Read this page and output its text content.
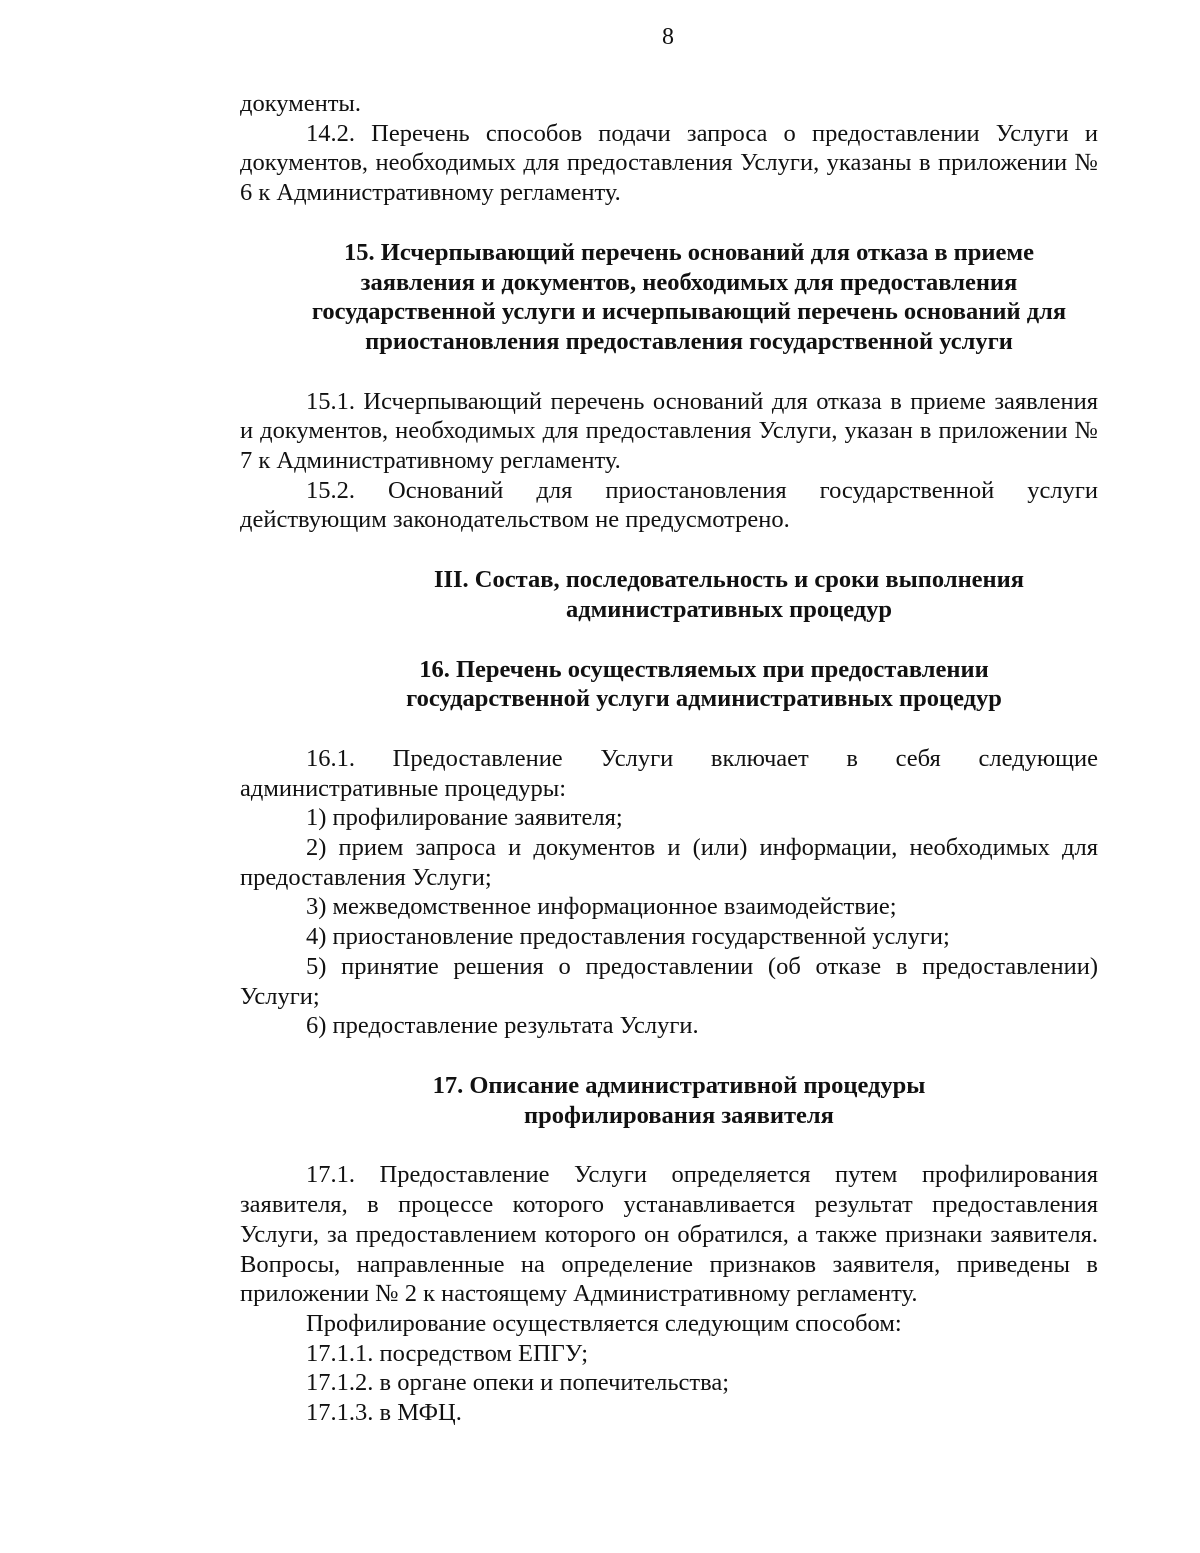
8

документы.

14.2. Перечень способов подачи запроса о предоставлении Услуги и документов, необходимых для предоставления Услуги, указаны в приложении № 6 к Административному регламенту.

15. Исчерпывающий перечень оснований для отказа в приеме
заявления и документов, необходимых для предоставления
государственной услуги и исчерпывающий перечень оснований для
приостановления предоставления государственной услуги

15.1. Исчерпывающий перечень оснований для отказа в приеме заявления и документов, необходимых для предоставления Услуги, указан в приложении № 7 к Административному регламенту.

15.2. Оснований для приостановления государственной услуги действующим законодательством не предусмотрено.

III. Состав, последовательность и сроки выполнения
административных процедур
16. Перечень осуществляемых при предоставлении
государственной услуги административных процедур

16.1. Предоставление Услуги включает в себя следующие административные процедуры:

1) профилирование заявителя;

2) прием запроса и документов и (или) информации, необходимых для предоставления Услуги;

3) межведомственное информационное взаимодействие;

4) приостановление предоставления государственной услуги;

5) принятие решения о предоставлении (об отказе в предоставлении) Услуги;

6) предоставление результата Услуги.

17. Описание административной процедуры
профилирования заявителя

17.1. Предоставление Услуги определяется путем профилирования заявителя, в процессе которого устанавливается результат предоставления Услуги, за предоставлением которого он обратился, а также признаки заявителя. Вопросы, направленные на определение признаков заявителя, приведены в приложении № 2 к настоящему Административному регламенту.

Профилирование осуществляется следующим способом:

17.1.1. посредством ЕПГУ;

17.1.2. в органе опеки и попечительства;

17.1.3. в МФЦ.
